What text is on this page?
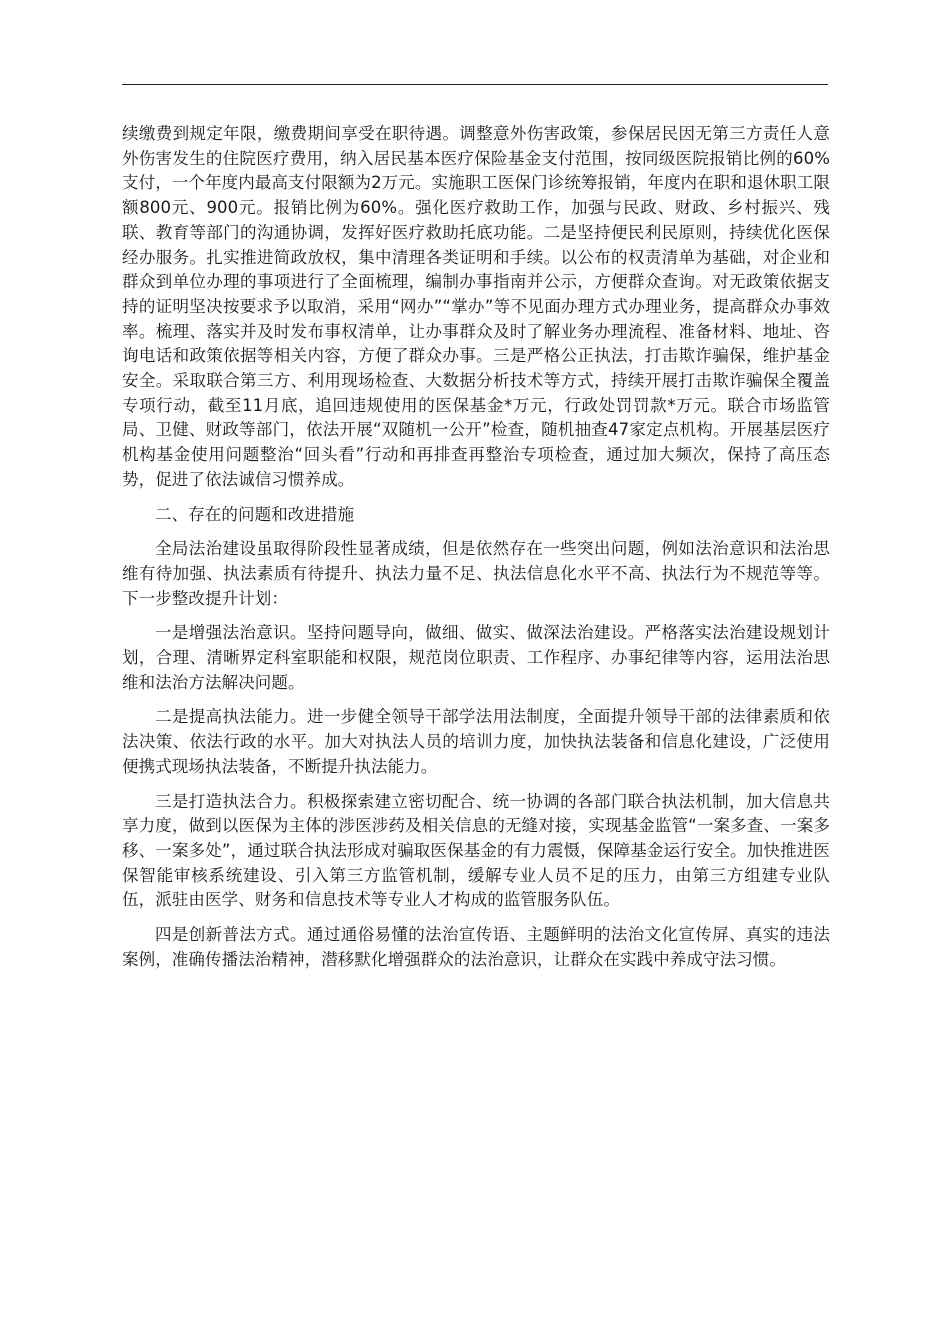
续缴费到规定年限，缴费期间享受在职待遇。调整意外伤害政策，参保居民因无第三方责任人意外伤害发生的住院医疗费用，纳入居民基本医疗保险基金支付范围，按同级医院报销比例的60%支付，一个年度内最高支付限额为2万元。实施职工医保门诊统筹报销，年度内在职和退休职工限额800元、900元。报销比例为60%。强化医疗救助工作，加强与民政、财政、乡村振兴、残联、教育等部门的沟通协调，发挥好医疗救助托底功能。二是坚持便民利民原则，持续优化医保经办服务。扎实推进简政放权，集中清理各类证明和手续。以公布的权责清单为基础，对企业和群众到单位办理的事项进行了全面梳理，编制办事指南并公示，方便群众查询。对无政策依据支持的证明坚决按要求予以取消，采用“网办”“掌办”等不见面办理方式办理业务，提高群众办事效率。梳理、落实并及时发布事权清单，让办事群众及时了解业务办理流程、准备材料、地址、咨询电话和政策依据等相关内容，方便了群众办事。三是严格公正执法，打击欺诈骗保，维护基金安全。采取联合第三方、利用现场检查、大数据分析技术等方式，持续开展打击欺诈骗保全覆盖专项行动，截至11月底，追回违规使用的医保基金*万元，行政处罚罚款*万元。联合市场监管局、卫健、财政等部门，依法开展“双随机一公开”检查，随机抽查47家定点机构。开展基层医疗机构基金使用问题整治“回头看”行动和再排查再整治专项检查，通过加大频次，保持了高压态势，促进了依法诚信习惯养成。

二、存在的问题和改进措施

全局法治建设虽取得阶段性显著成绩，但是依然存在一些突出问题，例如法治意识和法治思维有待加强、执法素质有待提升、执法力量不足、执法信息化水平不高、执法行为不规范等等。下一步整改提升计划：

一是增强法治意识。坚持问题导向，做细、做实、做深法治建设。严格落实法治建设规划计划，合理、清晰界定科室职能和权限，规范岗位职责、工作程序、办事纪律等内容，运用法治思维和法治方法解决问题。

二是提高执法能力。进一步健全领导干部学法用法制度，全面提升领导干部的法律素质和依法决策、依法行政的水平。加大对执法人员的培训力度，加快执法装备和信息化建设，广泛使用便携式现场执法装备，不断提升执法能力。

三是打造执法合力。积极探索建立密切配合、统一协调的各部门联合执法机制，加大信息共享力度，做到以医保为主体的涉医涉药及相关信息的无缝对接，实现基金监管“一案多查、一案多移、一案多处”，通过联合执法形成对骗取医保基金的有力震慑，保障基金运行安全。加快推进医保智能审核系统建设、引入第三方监管机制，缓解专业人员不足的压力，由第三方组建专业队伍，派驻由医学、财务和信息技术等专业人才构成的监管服务队伍。

四是创新普法方式。通过通俗易懂的法治宣传语、主题鲜明的法治文化宣传屏、真实的违法案例，准确传播法治精神，潜移默化增强群众的法治意识，让群众在实践中养成守法习惯。
